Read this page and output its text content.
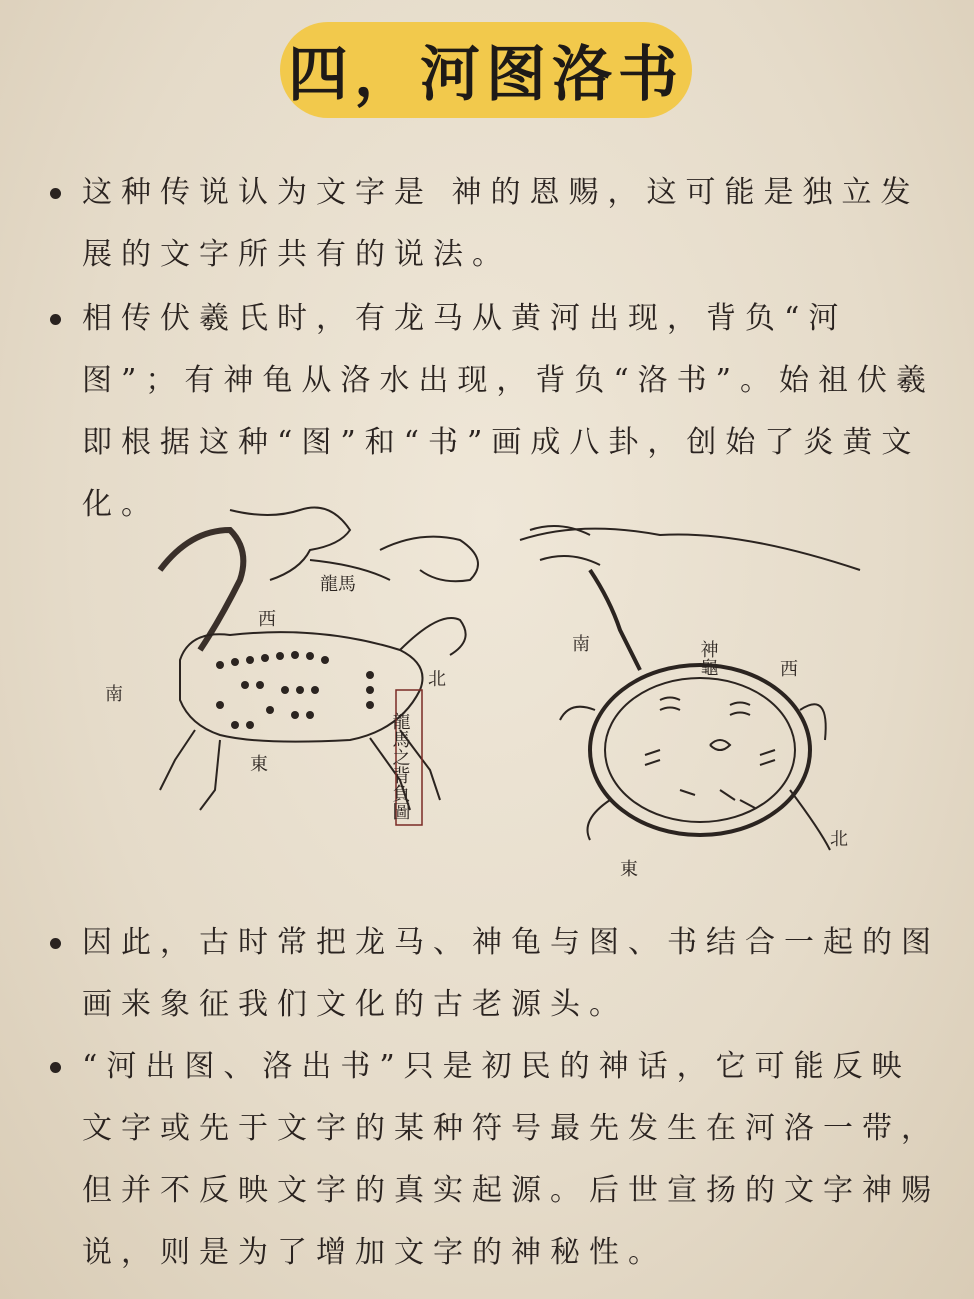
四，河图洛书
这种传说认为文字是 神的恩赐，这可能是独立发展的文字所共有的说法。
相传伏羲氏时，有龙马从黄河出现，背负“河图”；有神龟从洛水出现，背负“洛书”。始祖伏羲即根据这种“图”和“书”画成八卦，创始了炎黄文化。
龍馬
南
西
北
東	龍馬之背負圖
神龜
南
西
北
東
因此，古时常把龙马、神龟与图、书结合一起的图画来象征我们文化的古老源头。
“河出图、洛出书”只是初民的神话，它可能反映文字或先于文字的某种符号最先发生在河洛一带，但并不反映文字的真实起源。后世宣扬的文字神赐说，则是为了增加文字的神秘性。
